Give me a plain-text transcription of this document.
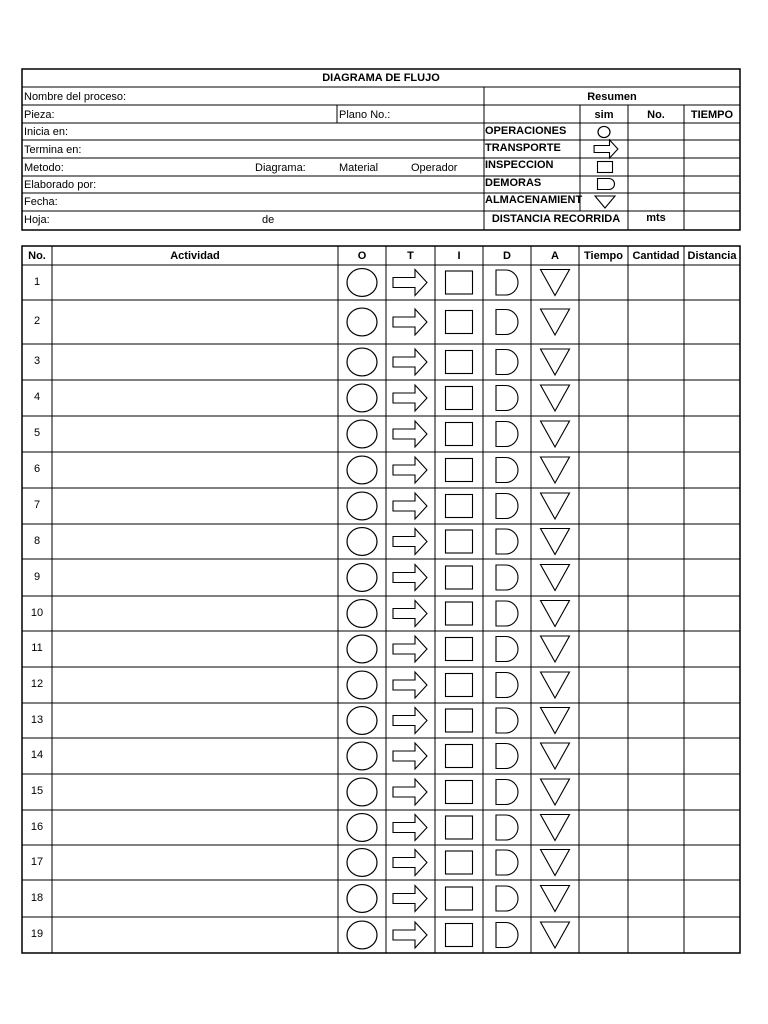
DIAGRAMA DE FLUJO
Nombre del proceso:
Pieza:	Plano No.:
Inicia en:
Termina en:
Metodo:	Diagrama:	Material	Operador
Elaborado por:
Fecha:
Hoja:	de
Resumen
sim	No.	TIEMPO
OPERACIONES
TRANSPORTE
INSPECCION
DEMORAS
ALMACENAMIENT
DISTANCIA RECORRIDA	mts
No.	Actividad	O	T	I	D	A	Tiempo Cantidad Distancia
1
2
3
4
5
6
7
8
9
10
11
12
13
14
15
16
17
18
19
